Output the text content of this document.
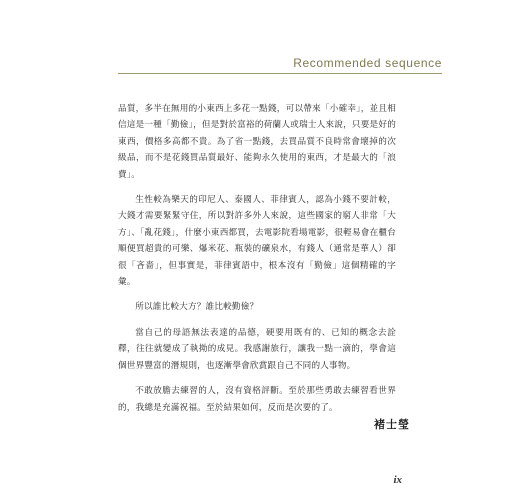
Recommended sequence

品質，多半在無用的小東西上多花一點錢，可以帶來「小確幸」，並且相信這是一種「勤儉」，但是對於富裕的荷蘭人或瑞士人來說，只要是好的東西，價格多高都不貴。為了省一點錢，去買品質不良時常會壞掉的次級品，而不是花錢買品質最好、能夠永久使用的東西，才是最大的「浪費」。

生性較為樂天的印尼人、泰國人、菲律賓人，認為小錢不要計較，大錢才需要緊緊守住，所以對許多外人來說，這些國家的窮人非常「大方」、「亂花錢」，什麼小東西都買，去電影院看場電影，很輕易會在櫃台順便買超貴的可樂、爆米花、瓶裝的礦泉水，有錢人（通常是華人）卻很「吝嗇」，但事實是，菲律賓語中，根本沒有「勤儉」這個精確的字彙。

所以誰比較大方？誰比較勤儉？

當自己的母語無法表達的品德，硬要用既有的、已知的概念去詮釋，往往就變成了執拗的成見。我感謝旅行，讓我一點一滴的，學會這個世界豐富的潛規則，也逐漸學會欣賞跟自己不同的人事物。

不敢放膽去練習的人，沒有資格評斷。至於那些勇敢去練習看世界的，我總是充滿祝福。至於結果如何，反而是次要的了。

褚士瑩
ix
